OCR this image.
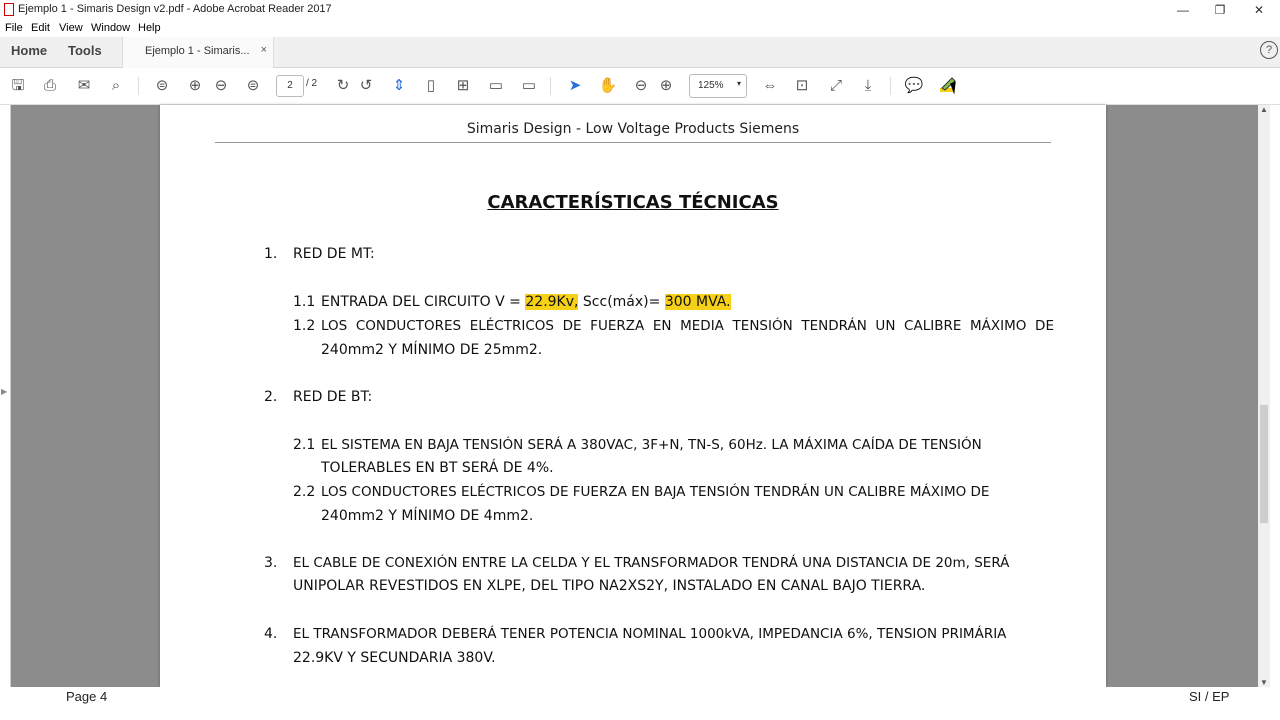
Ejemplo 1 - Simaris Design v2.pdf - Adobe Acrobat Reader 2017	—	❐	✕
File Edit View Window Help
Home Tools	Ejemplo 1 - Simaris... ×	?
🖫 ⎙ ✉	⌕	⊜ ⊕ ⊖ ⊜	2	/ 2 ↻ ↺ ⇕	▯	⊞ ▭ ▭ ➤ ✋ ⊖ ⊕	125% ▾ ⇔ ⊡ ⤢	⤓	💬
▶
Simaris Design - Low Voltage Products Siemens
CARACTERÍSTICAS TÉCNICAS
1. RED DE MT:
1.1 ENTRADA DEL CIRCUITO V = 22.9Kv, Scc(máx)= 300 MVA.
1.2 LOS CONDUCTORES ELÉCTRICOS DE FUERZA EN MEDIA TENSIÓN TENDRÁN UN CALIBRE MÁXIMO DE
240mm2 Y MÍNIMO DE 25mm2.
2. RED DE BT:
2.1 EL SISTEMA EN BAJA TENSIÓN SERÁ A 380VAC, 3F+N, TN-S, 60Hz. LA MÁXIMA CAÍDA DE TENSIÓN
TOLERABLES EN BT SERÁ DE 4%.
2.2 LOS CONDUCTORES ELÉCTRICOS DE FUERZA EN BAJA TENSIÓN TENDRÁN UN CALIBRE MÁXIMO DE
240mm2 Y MÍNIMO DE 4mm2.
3. EL CABLE DE CONEXIÓN ENTRE LA CELDA Y EL TRANSFORMADOR TENDRÁ UNA DISTANCIA DE 20m, SERÁ
UNIPOLAR REVESTIDOS EN XLPE, DEL TIPO NA2XS2Y, INSTALADO EN CANAL BAJO TIERRA.
4. EL TRANSFORMADOR DEBERÁ TENER POTENCIA NOMINAL 1000kVA, IMPEDANCIA 6%, TENSION PRIMÁRIA
22.9KV Y SECUNDARIA 380V.
▲
▼
Page 4	SI / EP
